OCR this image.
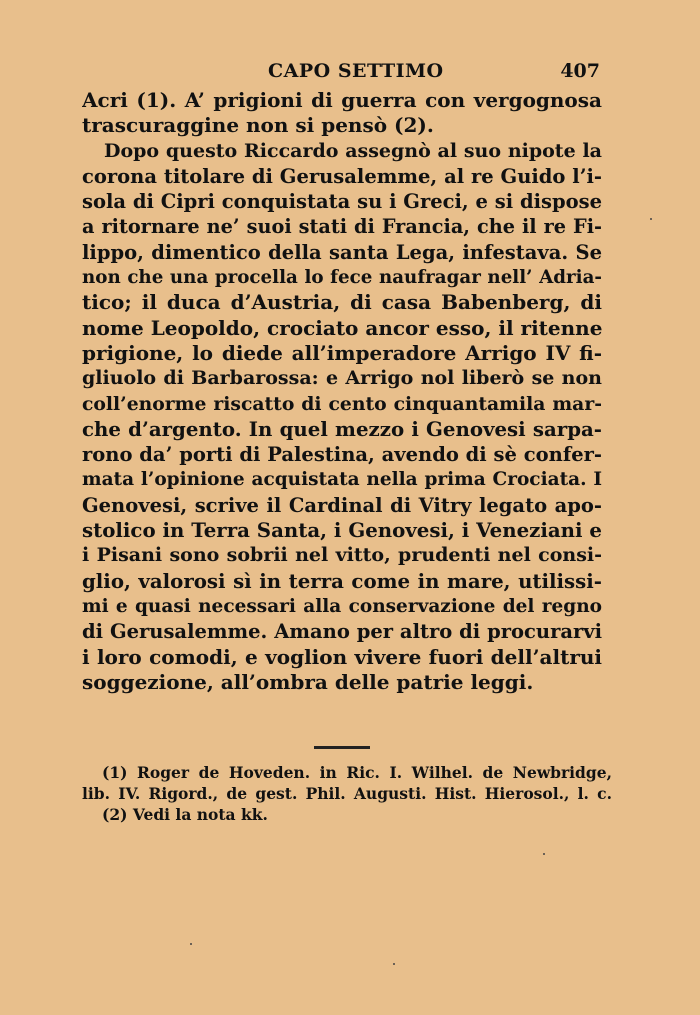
CAPO SETTIMO	407
Acri (1). A’ prigioni di guerra con vergognosa
trascuraggine non si pensò (2).
Dopo questo Riccardo assegnò al suo nipote la
corona titolare di Gerusalemme, al re Guido l’i-
sola di Cipri conquistata su i Greci, e si dispose
a ritornare ne’ suoi stati di Francia, che il re Fi-
lippo, dimentico della santa Lega, infestava. Se
non che una procella lo fece naufragar nell’ Adria-
tico; il duca d’Austria, di casa Babenberg, di
nome Leopoldo, crociato ancor esso, il ritenne
prigione, lo diede all’imperadore Arrigo IV fi-
gliuolo di Barbarossa: e Arrigo nol liberò se non
coll’enorme riscatto di cento cinquantamila mar-
che d’argento. In quel mezzo i Genovesi sarpa-
rono da’ porti di Palestina, avendo di sè confer-
mata l’opinione acquistata nella prima Crociata. I
Genovesi, scrive il Cardinal di Vitry legato apo-
stolico in Terra Santa, i Genovesi, i Veneziani e
i Pisani sono sobrii nel vitto, prudenti nel consi-
glio, valorosi sì in terra come in mare, utilissi-
mi e quasi necessari alla conservazione del regno
di Gerusalemme. Amano per altro di procurarvi
i loro comodi, e voglion vivere fuori dell’altrui
soggezione, all’ombra delle patrie leggi.
(1) Roger de Hoveden. in Ric. I. Wilhel. de Newbridge,
lib. IV. Rigord., de gest. Phil. Augusti. Hist. Hierosol., l. c.
(2) Vedi la nota kk.
